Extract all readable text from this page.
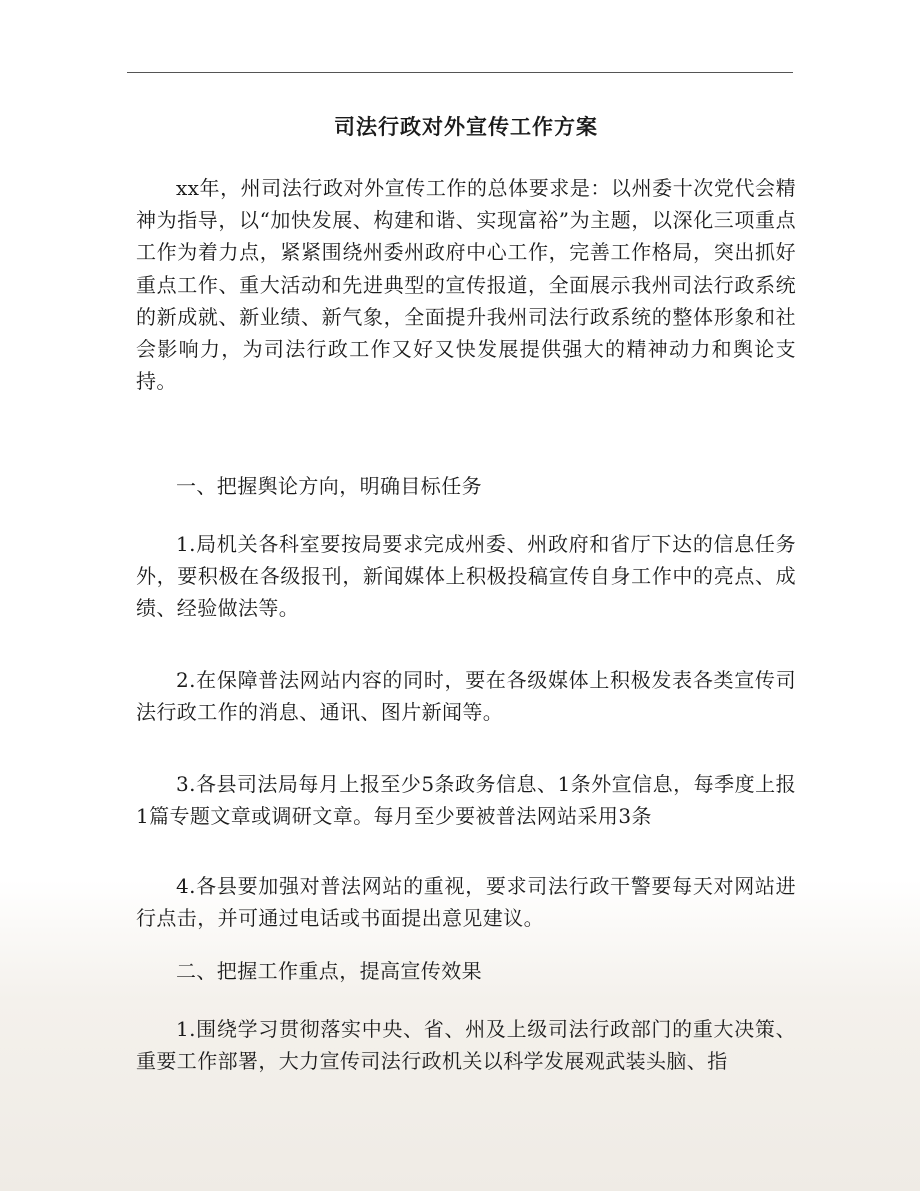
司法行政对外宣传工作方案

xx年，州司法行政对外宣传工作的总体要求是：以州委十次党代会精神为指导，以“加快发展、构建和谐、实现富裕”为主题，以深化三项重点工作为着力点，紧紧围绕州委州政府中心工作，完善工作格局，突出抓好重点工作、重大活动和先进典型的宣传报道，全面展示我州司法行政系统的新成就、新业绩、新气象，全面提升我州司法行政系统的整体形象和社会影响力，为司法行政工作又好又快发展提供强大的精神动力和舆论支持。

一、把握舆论方向，明确目标任务

1.局机关各科室要按局要求完成州委、州政府和省厅下达的信息任务外，要积极在各级报刊，新闻媒体上积极投稿宣传自身工作中的亮点、成绩、经验做法等。

2.在保障普法网站内容的同时，要在各级媒体上积极发表各类宣传司法行政工作的消息、通讯、图片新闻等。

3.各县司法局每月上报至少5条政务信息、1条外宣信息，每季度上报1篇专题文章或调研文章。每月至少要被普法网站采用3条

4.各县要加强对普法网站的重视，要求司法行政干警要每天对网站进行点击，并可通过电话或书面提出意见建议。

二、把握工作重点，提高宣传效果

1.围绕学习贯彻落实中央、省、州及上级司法行政部门的重大决策、重要工作部署，大力宣传司法行政机关以科学发展观武装头脑、指
